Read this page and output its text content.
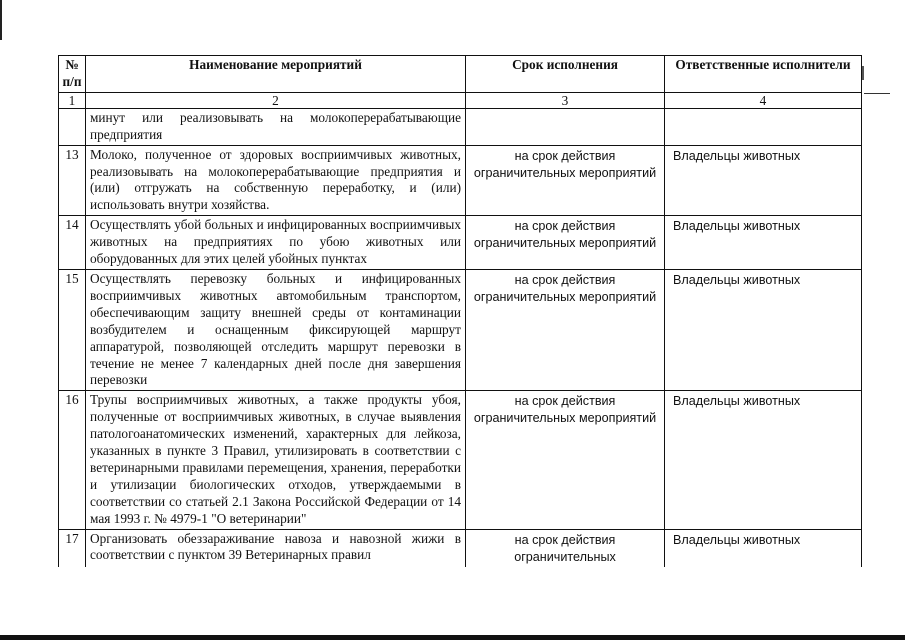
№ п/п	Наименование мероприятий	Срок исполнения	Ответственные исполнители
1	2	3	4
	минут или реализовывать на молокоперерабатывающие предприятия		
13	Молоко, полученное от здоровых восприимчивых животных, реализовывать на молокоперерабатывающие предприятия и (или) отгружать на собственную переработку, и (или) использовать внутри хозяйства.	на срок действия ограничительных мероприятий	Владельцы животных
14	Осуществлять убой больных и инфицированных восприимчивых животных на предприятиях по убою животных или оборудованных для этих целей убойных пунктах	на срок действия ограничительных мероприятий	Владельцы животных
15	Осуществлять перевозку больных и инфицированных восприимчивых животных автомобильным транспортом, обеспечивающим защиту внешней среды от контаминации возбудителем и оснащенным фиксирующей маршрут аппаратурой, позволяющей отследить маршрут перевозки в течение не менее 7 календарных дней после дня завершения перевозки	на срок действия ограничительных мероприятий	Владельцы животных
16	Трупы восприимчивых животных, а также продукты убоя, полученные от восприимчивых животных, в случае выявления патологоанатомических изменений, характерных для лейкоза, указанных в пункте 3 Правил, утилизировать в соответствии с ветеринарными правилами перемещения, хранения, переработки и утилизации биологических отходов, утверждаемыми в соответствии со статьей 2.1 Закона Российской Федерации от 14 мая 1993 г. № 4979-1 "О ветеринарии"	на срок действия ограничительных мероприятий	Владельцы животных
17	Организовать обеззараживание навоза и навозной жижи в соответствии с пунктом 39 Ветеринарных правил	на срок действия ограничительных	Владельцы животных
